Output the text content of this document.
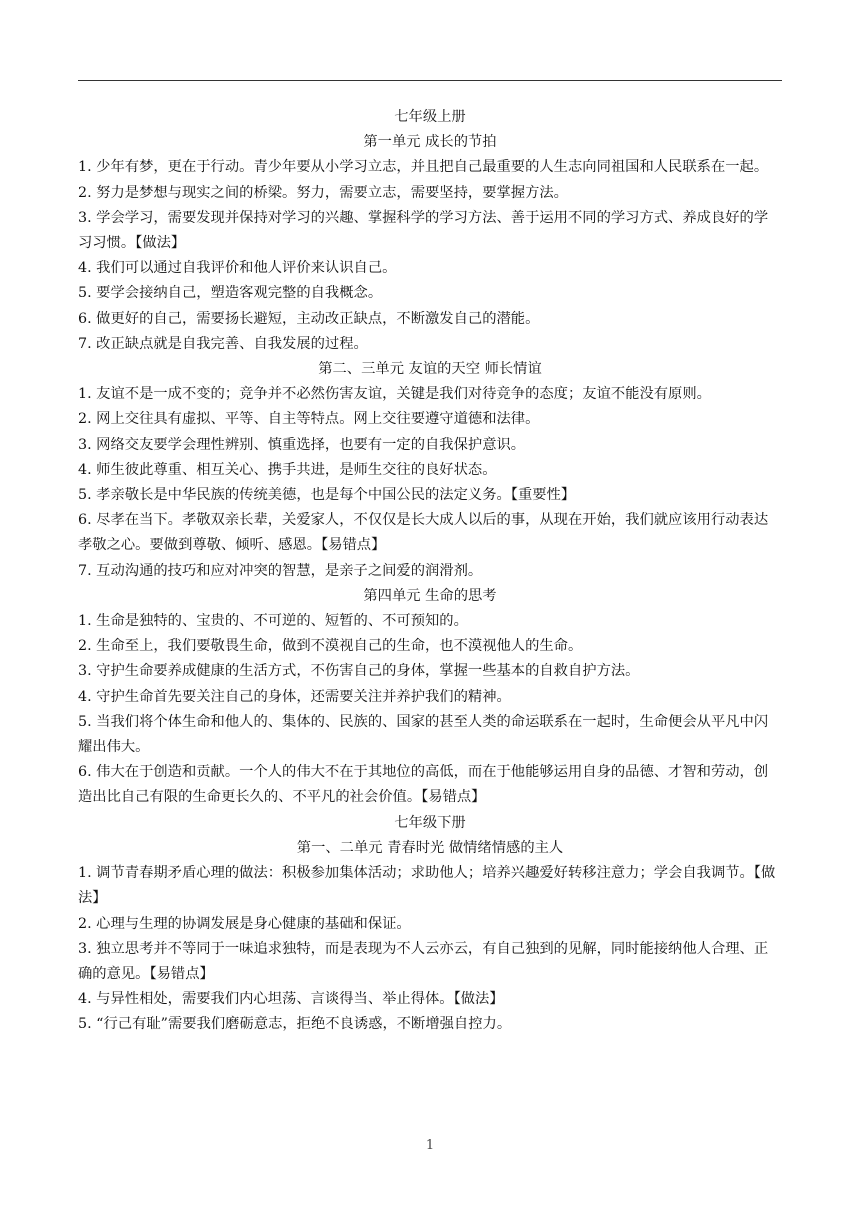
七年级上册
第一单元 成长的节拍
1. 少年有梦，更在于行动。青少年要从小学习立志，并且把自己最重要的人生志向同祖国和人民联系在一起。
2. 努力是梦想与现实之间的桥梁。努力，需要立志，需要坚持，要掌握方法。
3. 学会学习，需要发现并保持对学习的兴趣、掌握科学的学习方法、善于运用不同的学习方式、养成良好的学习习惯。【做法】
4. 我们可以通过自我评价和他人评价来认识自己。
5. 要学会接纳自己，塑造客观完整的自我概念。
6. 做更好的自己，需要扬长避短，主动改正缺点，不断激发自己的潜能。
7. 改正缺点就是自我完善、自我发展的过程。
第二、三单元 友谊的天空 师长情谊
1. 友谊不是一成不变的；竞争并不必然伤害友谊，关键是我们对待竞争的态度；友谊不能没有原则。
2. 网上交往具有虚拟、平等、自主等特点。网上交往要遵守道德和法律。
3. 网络交友要学会理性辨别、慎重选择，也要有一定的自我保护意识。
4. 师生彼此尊重、相互关心、携手共进，是师生交往的良好状态。
5. 孝亲敬长是中华民族的传统美德，也是每个中国公民的法定义务。【重要性】
6. 尽孝在当下。孝敬双亲长辈，关爱家人，不仅仅是长大成人以后的事，从现在开始，我们就应该用行动表达孝敬之心。要做到尊敬、倾听、感恩。【易错点】
7. 互动沟通的技巧和应对冲突的智慧，是亲子之间爱的润滑剂。
第四单元 生命的思考
1. 生命是独特的、宝贵的、不可逆的、短暂的、不可预知的。
2. 生命至上，我们要敬畏生命，做到不漠视自己的生命，也不漠视他人的生命。
3. 守护生命要养成健康的生活方式，不伤害自己的身体，掌握一些基本的自救自护方法。
4. 守护生命首先要关注自己的身体，还需要关注并养护我们的精神。
5. 当我们将个体生命和他人的、集体的、民族的、国家的甚至人类的命运联系在一起时，生命便会从平凡中闪耀出伟大。
6. 伟大在于创造和贡献。一个人的伟大不在于其地位的高低，而在于他能够运用自身的品德、才智和劳动，创造出比自己有限的生命更长久的、不平凡的社会价值。【易错点】
七年级下册
第一、二单元 青春时光 做情绪情感的主人
1. 调节青春期矛盾心理的做法：积极参加集体活动；求助他人；培养兴趣爱好转移注意力；学会自我调节。【做法】
2. 心理与生理的协调发展是身心健康的基础和保证。
3. 独立思考并不等同于一味追求独特，而是表现为不人云亦云，有自己独到的见解，同时能接纳他人合理、正确的意见。【易错点】
4. 与异性相处，需要我们内心坦荡、言谈得当、举止得体。【做法】
5. “行己有耻”需要我们磨砺意志，拒绝不良诱惑，不断增强自控力。
1
